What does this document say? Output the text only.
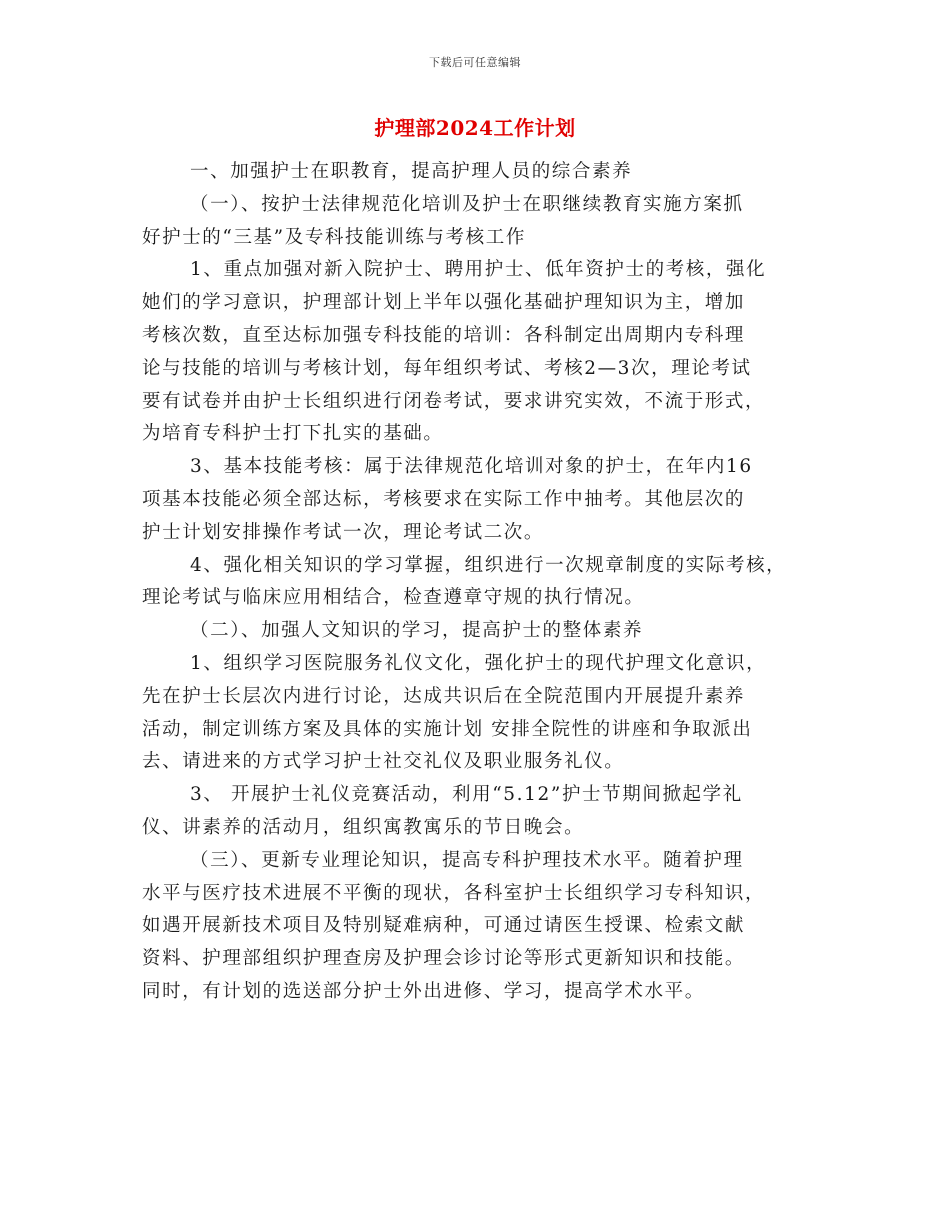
下载后可任意编辑
护理部2024工作计划
一、加强护士在职教育，提高护理人员的综合素养
（一）、按护士法律规范化培训及护士在职继续教育实施方案抓
好护士的“三基”及专科技能训练与考核工作
1、重点加强对新入院护士、聘用护士、低年资护士的考核，强化
她们的学习意识，护理部计划上半年以强化基础护理知识为主，增加
考核次数，直至达标加强专科技能的培训：各科制定出周期内专科理
论与技能的培训与考核计划，每年组织考试、考核2—3次，理论考试
要有试卷并由护士长组织进行闭卷考试，要求讲究实效，不流于形式，
为培育专科护士打下扎实的基础。
3、基本技能考核：属于法律规范化培训对象的护士，在年内16
项基本技能必须全部达标，考核要求在实际工作中抽考。其他层次的
护士计划安排操作考试一次，理论考试二次。
4、强化相关知识的学习掌握，组织进行一次规章制度的实际考核，
理论考试与临床应用相结合，检查遵章守规的执行情况。
（二）、加强人文知识的学习，提高护士的整体素养
1、组织学习医院服务礼仪文化，强化护士的现代护理文化意识，
先在护士长层次内进行讨论，达成共识后在全院范围内开展提升素养
活动，制定训练方案及具体的实施计划 安排全院性的讲座和争取派出
去、请进来的方式学习护士社交礼仪及职业服务礼仪。
3、 开展护士礼仪竞赛活动，利用“5.12”护士节期间掀起学礼
仪、讲素养的活动月，组织寓教寓乐的节日晚会。
（三）、更新专业理论知识，提高专科护理技术水平。随着护理
水平与医疗技术进展不平衡的现状，各科室护士长组织学习专科知识，
如遇开展新技术项目及特别疑难病种，可通过请医生授课、检索文献
资料、护理部组织护理查房及护理会诊讨论等形式更新知识和技能。
同时，有计划的选送部分护士外出进修、学习，提高学术水平。
